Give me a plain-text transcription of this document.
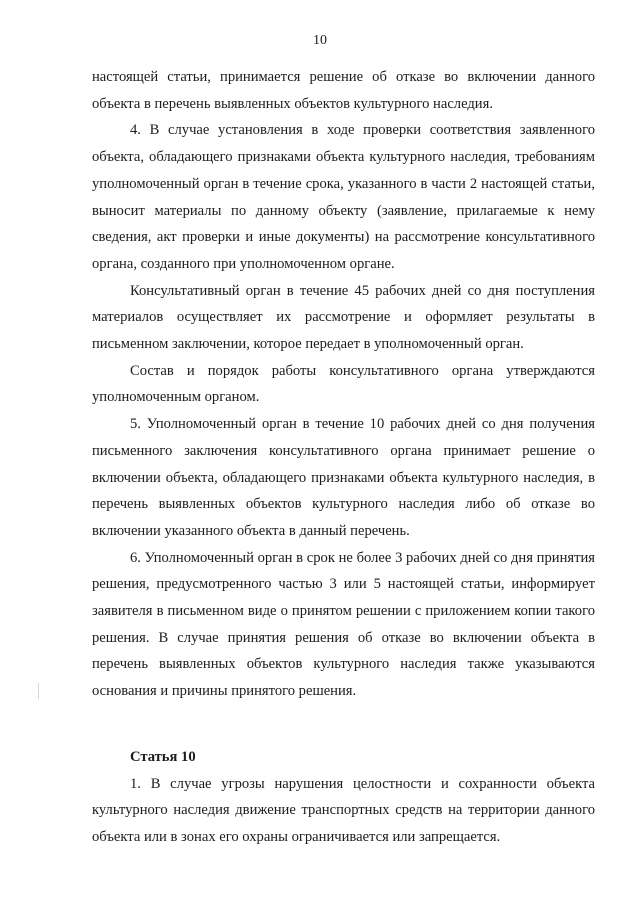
10

настоящей статьи, принимается решение об отказе во включении данного объекта в перечень выявленных объектов культурного наследия.

4. В случае установления в ходе проверки соответствия заявленного объекта, обладающего признаками объекта культурного наследия, требованиям уполномоченный орган в течение срока, указанного в части 2 настоящей статьи, выносит материалы по данному объекту (заявление, прилагаемые к нему сведения, акт проверки и иные документы) на рассмотрение консультативного органа, созданного при уполномоченном органе.

Консультативный орган в течение 45 рабочих дней со дня поступления материалов осуществляет их рассмотрение и оформляет результаты в письменном заключении, которое передает в уполномоченный орган.

Состав и порядок работы консультативного органа утверждаются уполномоченным органом.

5. Уполномоченный орган в течение 10 рабочих дней со дня получения письменного заключения консультативного органа принимает решение о включении объекта, обладающего признаками объекта культурного наследия, в перечень выявленных объектов культурного наследия либо об отказе во включении указанного объекта в данный перечень.

6. Уполномоченный орган в срок не более 3 рабочих дней со дня принятия решения, предусмотренного частью 3 или 5 настоящей статьи, информирует заявителя в письменном виде о принятом решении с приложением копии такого решения. В случае принятия решения об отказе во включении объекта в перечень выявленных объектов культурного наследия также указываются основания и причины принятого решения.

Статья 10

1. В случае угрозы нарушения целостности и сохранности объекта культурного наследия движение транспортных средств на территории данного объекта или в зонах его охраны ограничивается или запрещается.
